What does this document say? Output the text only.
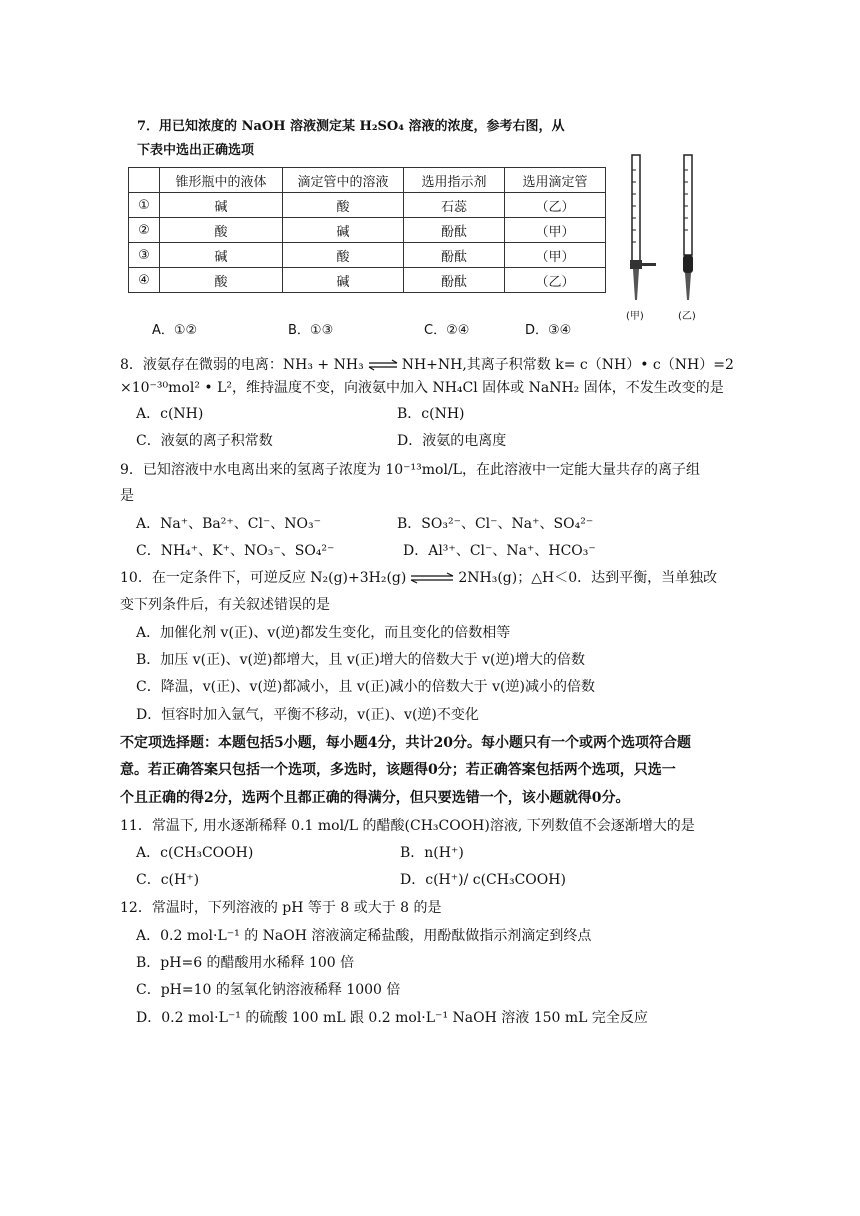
7．用已知浓度的 NaOH 溶液测定某 H₂SO₄ 溶液的浓度，参考右图，从
下表中选出正确选项
	锥形瓶中的液体	滴定管中的溶液	选用指示剂	选用滴定管
①	碱	酸	石蕊	（乙）
②	酸	碱	酚酞	（甲）
③	碱	酸	酚酞	（甲）
④	酸	碱	酚酞	（乙）
A．①②	B．①③	C．②④	D．③④
(甲)	(乙)
8．液氨存在微弱的电离：NH₃ + NH₃ ⇌ NH+NH,其离子积常数 k= c（NH）• c（NH）=2
×10⁻³⁰mol² • L²，维持温度不变，向液氨中加入 NH₄Cl 固体或 NaNH₂ 固体，不发生改变的是
A．c(NH)	B．c(NH)
C．液氨的离子积常数	D．液氨的电离度
9．已知溶液中水电离出来的氢离子浓度为 10⁻¹³mol/L，在此溶液中一定能大量共存的离子组
是
A．Na⁺、Ba²⁺、Cl⁻、NO₃⁻	B．SO₃²⁻、Cl⁻、Na⁺、SO₄²⁻
C．NH₄⁺、K⁺、NO₃⁻、SO₄²⁻	D．Al³⁺、Cl⁻、Na⁺、HCO₃⁻
10．在一定条件下，可逆反应 N₂(g)+3H₂(g) ⇌ 2NH₃(g)；△H＜0．达到平衡，当单独改
变下列条件后，有关叙述错误的是
A．加催化剂 v(正)、v(逆)都发生变化，而且变化的倍数相等
B．加压 v(正)、v(逆)都增大，且 v(正)增大的倍数大于 v(逆)增大的倍数
C．降温，v(正)、v(逆)都减小，且 v(正)减小的倍数大于 v(逆)减小的倍数
D．恒容时加入氩气，平衡不移动，v(正)、v(逆)不变化
不定项选择题：本题包括5小题，每小题4分，共计20分。每小题只有一个或两个选项符合题
意。若正确答案只包括一个选项，多选时，该题得0分；若正确答案包括两个选项，只选一
个且正确的得2分，选两个且都正确的得满分，但只要选错一个，该小题就得0分。
11．常温下, 用水逐渐稀释 0.1 mol/L 的醋酸(CH₃COOH)溶液, 下列数值不会逐渐增大的是
A．c(CH₃COOH)	B．n(H⁺)
C．c(H⁺)	D．c(H⁺)/ c(CH₃COOH)
12．常温时，下列溶液的 pH 等于 8 或大于 8 的是
A．0.2 mol·L⁻¹ 的 NaOH 溶液滴定稀盐酸，用酚酞做指示剂滴定到终点
B．pH=6 的醋酸用水稀释 100 倍
C．pH=10 的氢氧化钠溶液稀释 1000 倍
D．0.2 mol·L⁻¹ 的硫酸 100 mL 跟 0.2 mol·L⁻¹ NaOH 溶液 150 mL 完全反应
